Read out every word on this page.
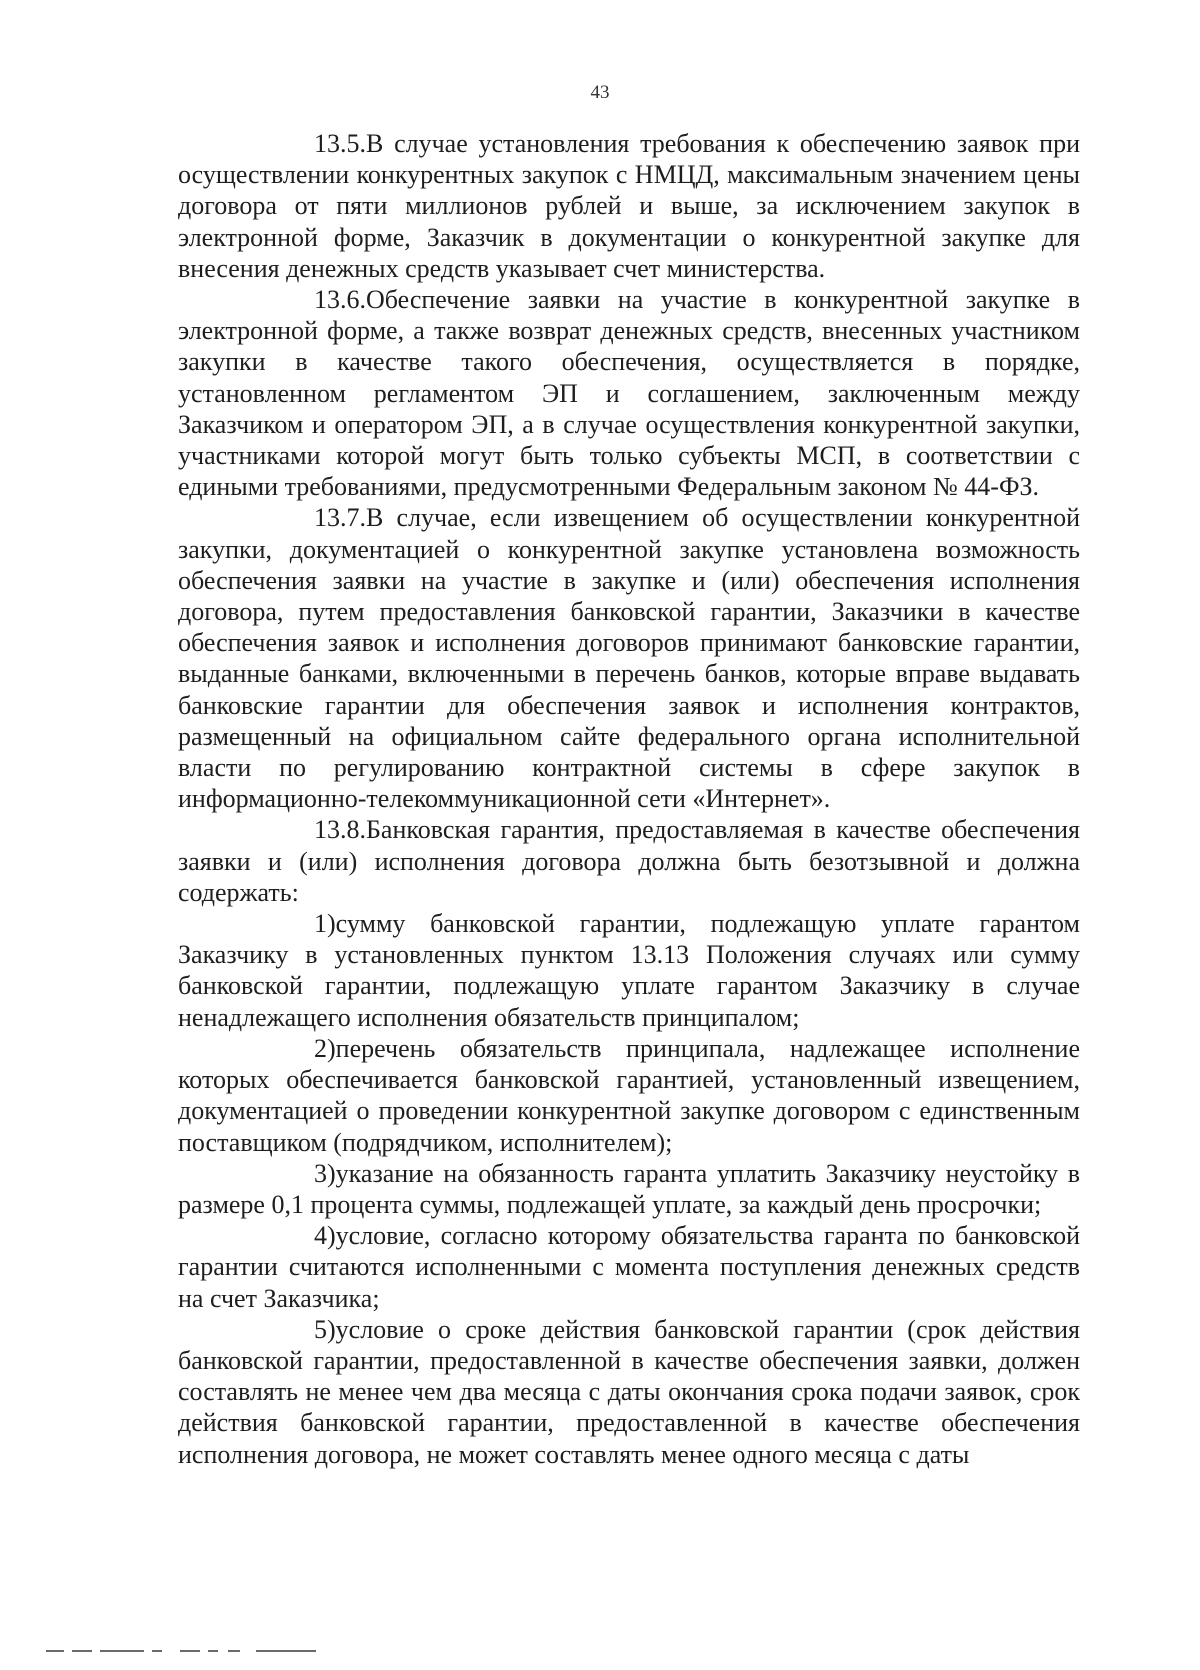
43

13.5.В случае установления требования к обеспечению заявок при осуществлении конкурентных закупок с НМЦД, максимальным значением цены договора от пяти миллионов рублей и выше, за исключением закупок в электронной форме, Заказчик в документации о конкурентной закупке для внесения денежных средств указывает счет министерства.

13.6.Обеспечение заявки на участие в конкурентной закупке в электронной форме, а также возврат денежных средств, внесенных участником закупки в качестве такого обеспечения, осуществляется в порядке, установленном регламентом ЭП и соглашением, заключенным между Заказчиком и оператором ЭП, а в случае осуществления конкурентной закупки, участниками которой могут быть только субъекты МСП, в соответствии с едиными требованиями, предусмотренными Федеральным законом № 44-ФЗ.

13.7.В случае, если извещением об осуществлении конкурентной закупки, документацией о конкурентной закупке установлена возможность обеспечения заявки на участие в закупке и (или) обеспечения исполнения договора, путем предоставления банковской гарантии, Заказчики в качестве обеспечения заявок и исполнения договоров принимают банковские гарантии, выданные банками, включенными в перечень банков, которые вправе выдавать банковские гарантии для обеспечения заявок и исполнения контрактов, размещенный на официальном сайте федерального органа исполнительной власти по регулированию контрактной системы в сфере закупок в информационно-телекоммуникационной сети «Интернет».

13.8.Банковская гарантия, предоставляемая в качестве обеспечения заявки и (или) исполнения договора должна быть безотзывной и должна содержать:

1)сумму банковской гарантии, подлежащую уплате гарантом Заказчику в установленных пунктом 13.13 Положения случаях или сумму банковской гарантии, подлежащую уплате гарантом Заказчику в случае ненадлежащего исполнения обязательств принципалом;

2)перечень обязательств принципала, надлежащее исполнение которых обеспечивается банковской гарантией, установленный извещением, документацией о проведении конкурентной закупке договором с единственным поставщиком (подрядчиком, исполнителем);

3)указание на обязанность гаранта уплатить Заказчику неустойку в размере 0,1 процента суммы, подлежащей уплате, за каждый день просрочки;

4)условие, согласно которому обязательства гаранта по банковской гарантии считаются исполненными с момента поступления денежных средств на счет Заказчика;

5)условие о сроке действия банковской гарантии (срок действия банковской гарантии, предоставленной в качестве обеспечения заявки, должен составлять не менее чем два месяца с даты окончания срока подачи заявок, срок действия банковской гарантии, предоставленной в качестве обеспечения исполнения договора, не может составлять менее одного месяца с даты
